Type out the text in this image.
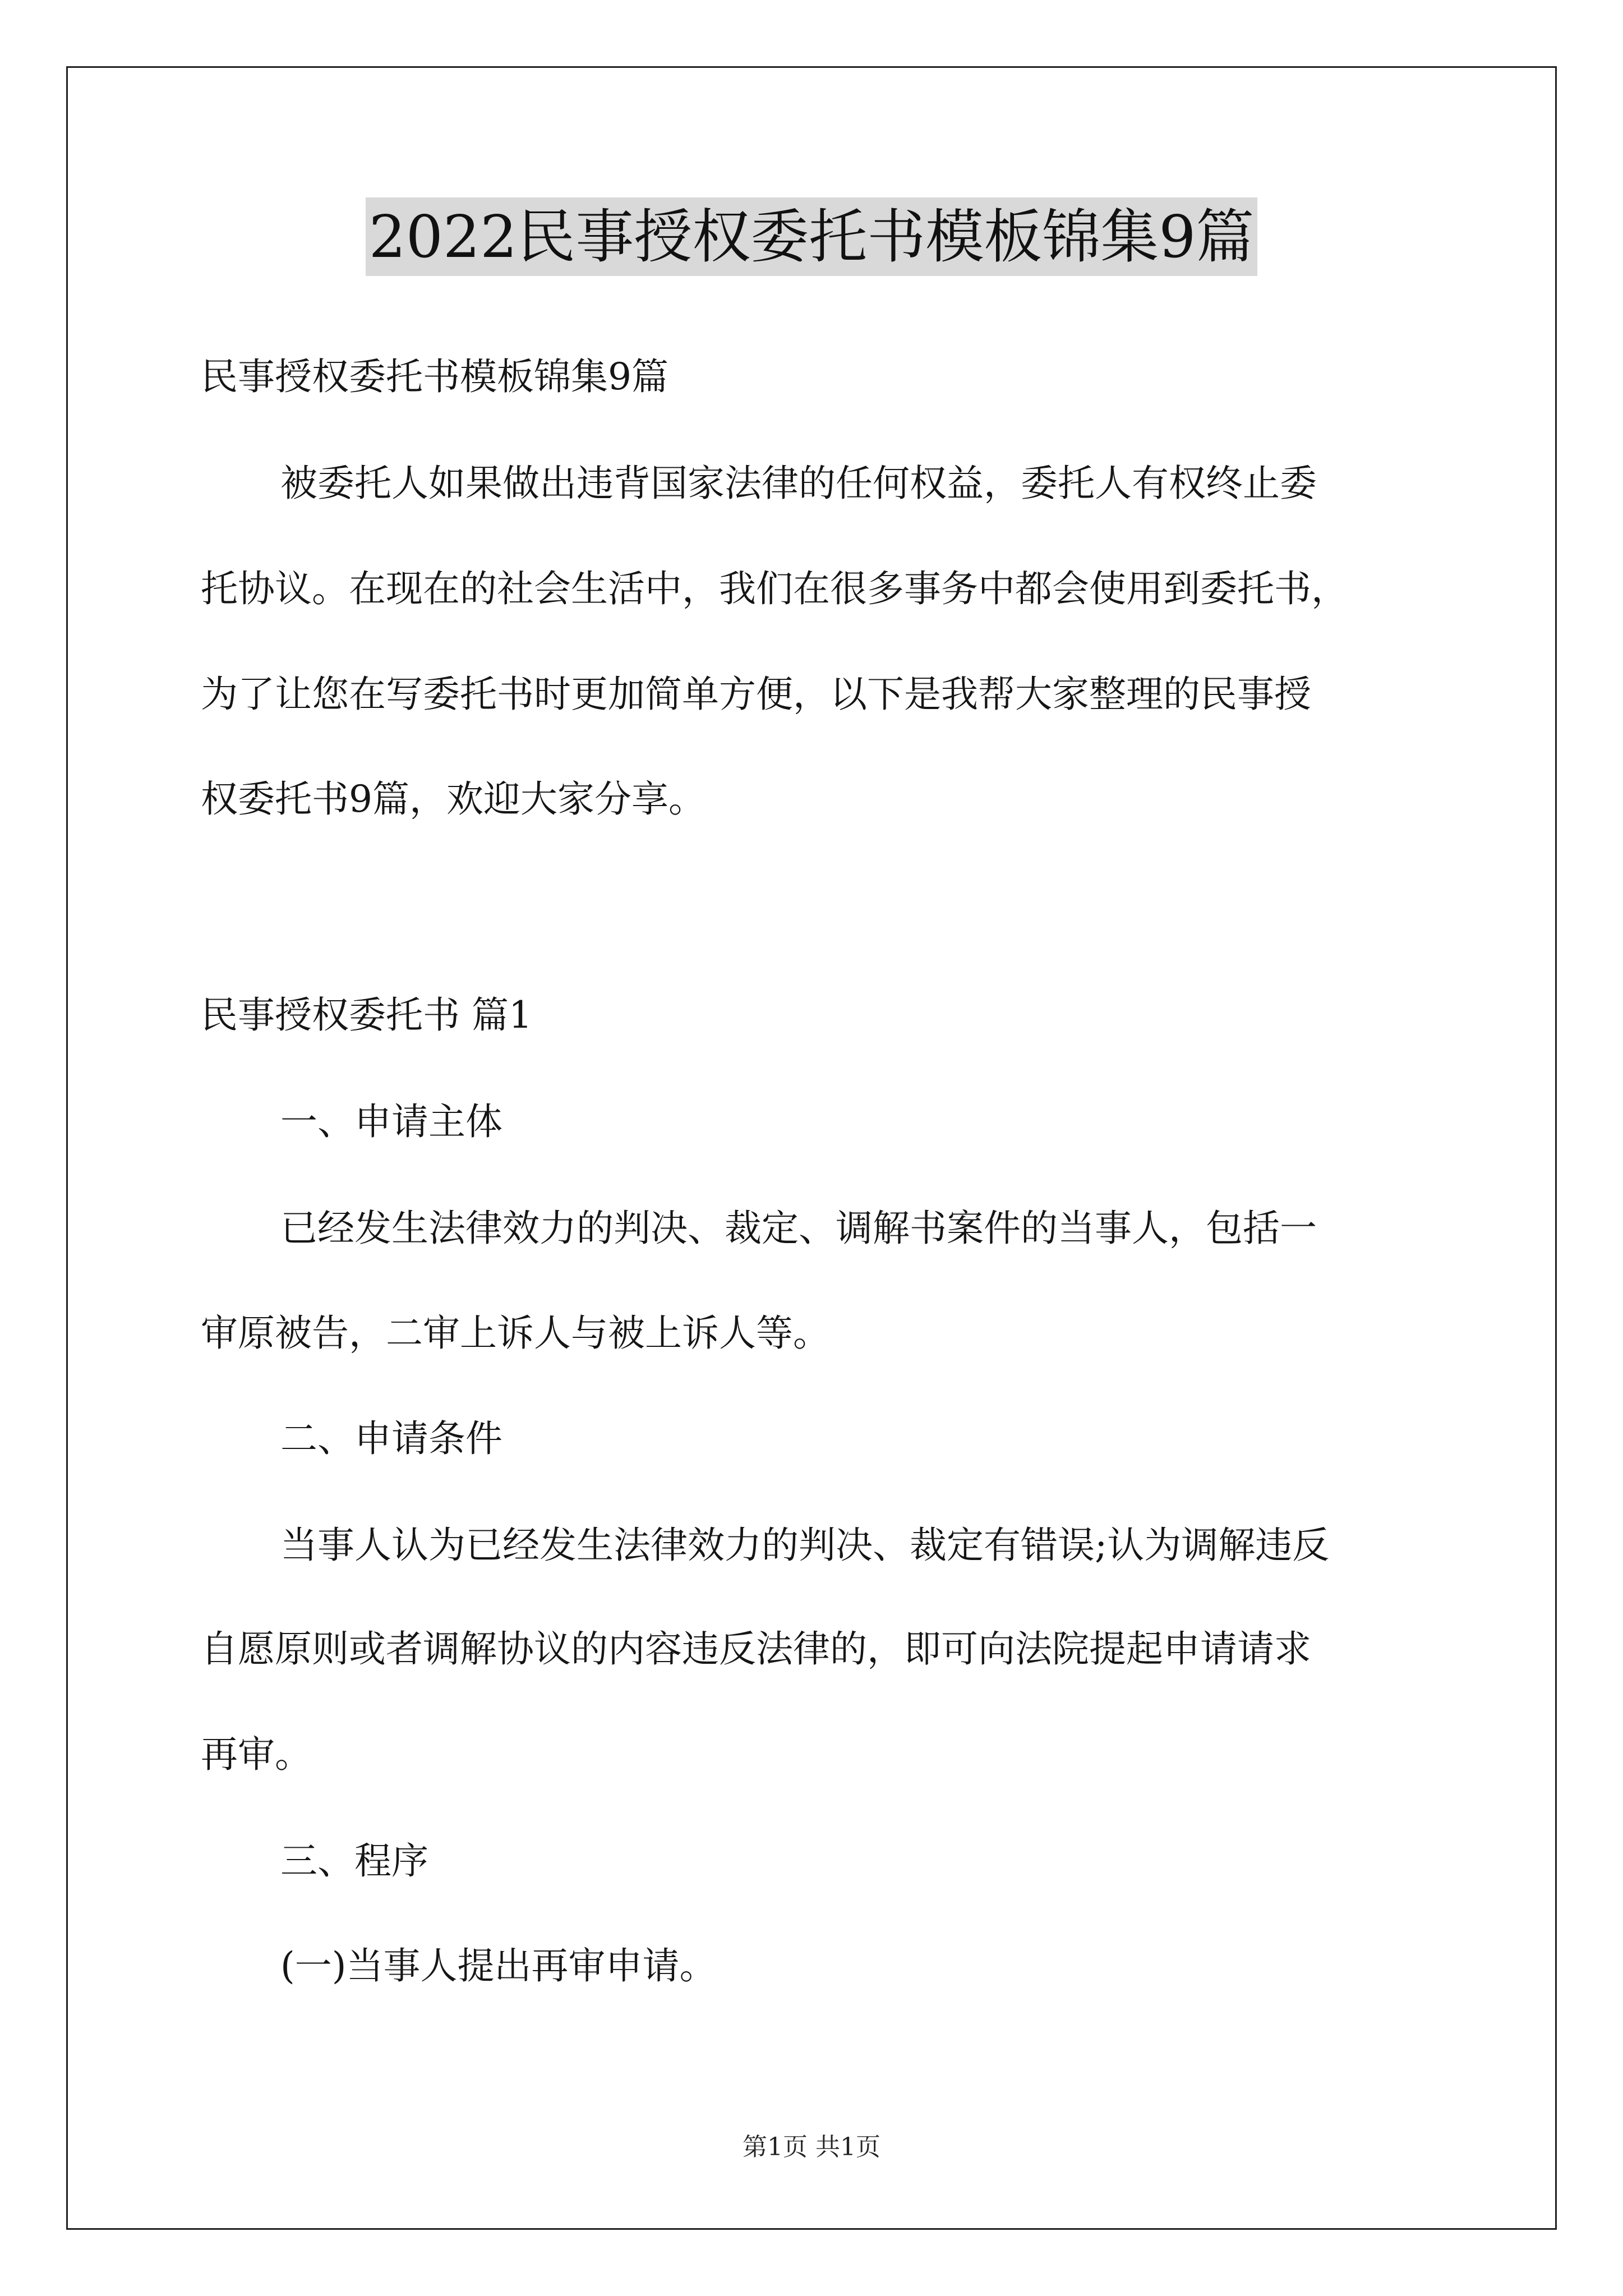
2022民事授权委托书模板锦集9篇
民事授权委托书模板锦集9篇
被委托人如果做出违背国家法律的任何权益，委托人有权终止委
托协议。在现在的社会生活中，我们在很多事务中都会使用到委托书，
为了让您在写委托书时更加简单方便，以下是我帮大家整理的民事授
权委托书9篇，欢迎大家分享。
民事授权委托书 篇1
一、申请主体
已经发生法律效力的判决、裁定、调解书案件的当事人，包括一
审原被告，二审上诉人与被上诉人等。
二、申请条件
当事人认为已经发生法律效力的判决、裁定有错误;认为调解违反
自愿原则或者调解协议的内容违反法律的，即可向法院提起申请请求
再审。
三、程序
(一)当事人提出再审申请。
第1页 共1页
